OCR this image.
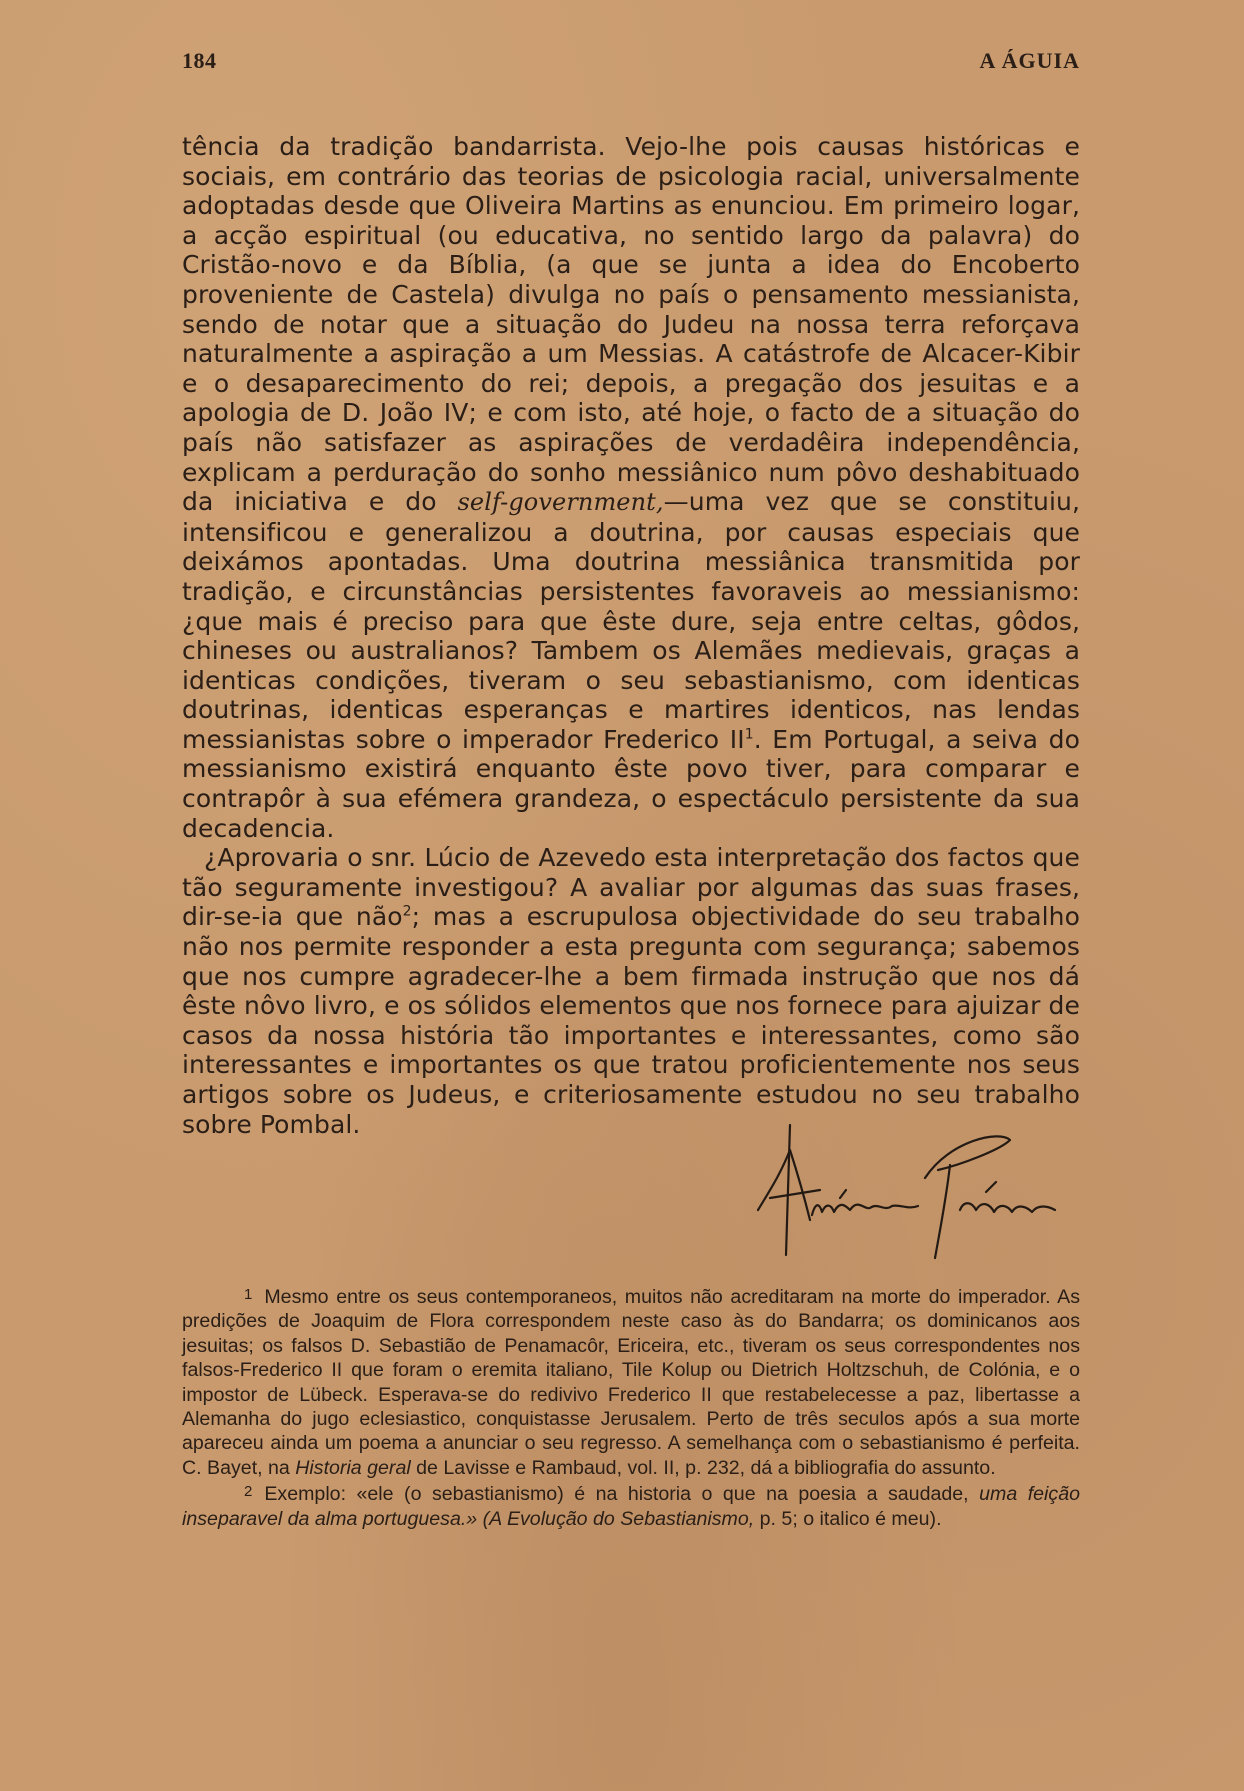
184	A ÁGUIA

tência da tradição bandarrista. Vejo-lhe pois causas históricas e sociais, em contrário das teorias de psicologia racial, universalmente adoptadas desde que Oliveira Martins as enunciou. Em primeiro logar, a acção espiritual (ou educativa, no sentido largo da palavra) do Cristão-novo e da Bíblia, (a que se junta a idea do Encoberto proveniente de Castela) divulga no país o pensamento messianista, sendo de notar que a situação do Judeu na nossa terra reforçava naturalmente a aspiração a um Messias. A catástrofe de Alcacer-Kibir e o desaparecimento do rei; depois, a pregação dos jesuitas e a apologia de D. João IV; e com isto, até hoje, o facto de a situação do país não satisfazer as aspirações de verdadêira independência, explicam a perduração do sonho messiânico num pôvo deshabituado da iniciativa e do self-government,—uma vez que se constituiu, intensificou e generalizou a doutrina, por causas especiais que deixámos apontadas. Uma doutrina messiânica transmitida por tradição, e circunstâncias persistentes favoraveis ao messianismo: ¿que mais é preciso para que êste dure, seja entre celtas, gôdos, chineses ou australianos? Tambem os Alemães medievais, graças a identicas condições, tiveram o seu sebastianismo, com identicas doutrinas, identicas esperanças e martires identicos, nas lendas messianistas sobre o imperador Frederico $II^1$. Em Portugal, a seiva do messianismo existirá enquanto êste povo tiver, para comparar e contrapôr à sua efémera grandeza, o espectáculo persistente da sua decadencia.

¿Aprovaria o snr. Lúcio de Azevedo esta interpretação dos factos que tão seguramente investigou? A avaliar por algumas das suas frases, dir-se-ia que não$^2$; mas a escrupulosa objectividade do seu trabalho não nos permite responder a esta pregunta com segurança; sabemos que nos cumpre agradecer-lhe a bem firmada instrução que nos dá êste nôvo livro, e os sólidos elementos que nos fornece para ajuizar de casos da nossa história tão importantes e interessantes, como são interessantes e importantes os que tratou proficientemente nos seus artigos sobre os Judeus, e criteriosamente estudou no seu trabalho sobre Pombal.

$^1$ Mesmo entre os seus contemporaneos, muitos não acreditaram na morte do imperador. As predições de Joaquim de Flora correspondem neste caso às do Bandarra; os dominicanos aos jesuitas; os falsos D. Sebastião de Penamacôr, Ericeira, etc., tiveram os seus correspondentes nos falsos-Frederico II que foram o eremita italiano, Tile Kolup ou Dietrich Holtzschuh, de Colónia, e o impostor de Lübeck. Esperava-se do redivivo Frederico II que restabelecesse a paz, libertasse a Alemanha do jugo eclesiastico, conquistasse Jerusalem. Perto de três seculos após a sua morte apareceu ainda um poema a anunciar o seu regresso. A semelhança com o sebastianismo é perfeita. C. Bayet, na Historia geral de Lavisse e Rambaud, vol. II, p. 232, dá a bibliografia do assunto.

$^2$ Exemplo: «ele (o sebastianismo) é na historia o que na poesia a saudade, uma feição inseparavel da alma portuguesa.» (A Evolução do Sebastianismo, p. 5; o italico é meu).
